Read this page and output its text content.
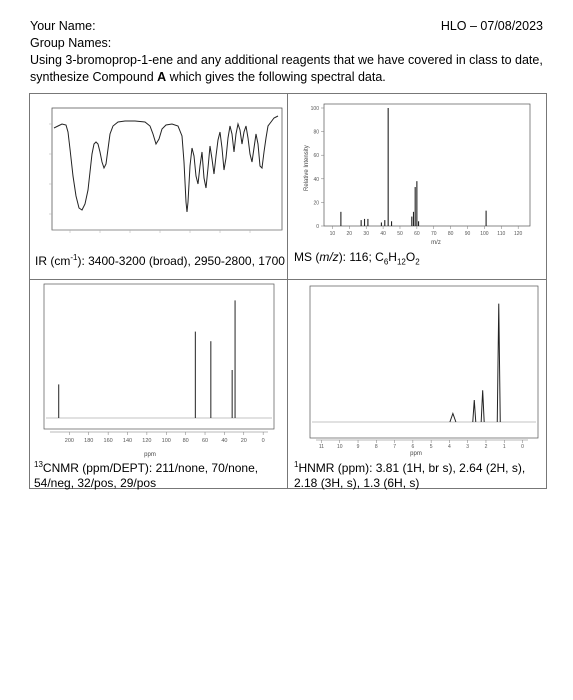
Your Name:
Group Names:
HLO – 07/08/2023
Using 3-bromoprop-1-ene and any additional reagents that we have covered in class to date, synthesize Compound A which gives the following spectral data.
IR $(cm^{-1})$: 3400-3200 (broad), 2950-2800, 1700
Relative Intensity
m/z
0
20
40
60
80
100
10 20 30 40 50 60 70 80 90 100 110 120
MS (m/z): 116; $C_6H_{12}O_2$
ppm
200 180 160 140 120 100 80 60 40 20	0
$^{13}$CNMR (ppm/DEPT): 211/none, 70/none, 54/neg, 32/pos, 29/pos
ppm
11	10	9	8	7	6	5	4	3	2	1	0
$^1$HNMR (ppm): 3.81 (1H, br s), 2.64 (2H, s), 2.18 (3H, s), 1.3 (6H, s)
